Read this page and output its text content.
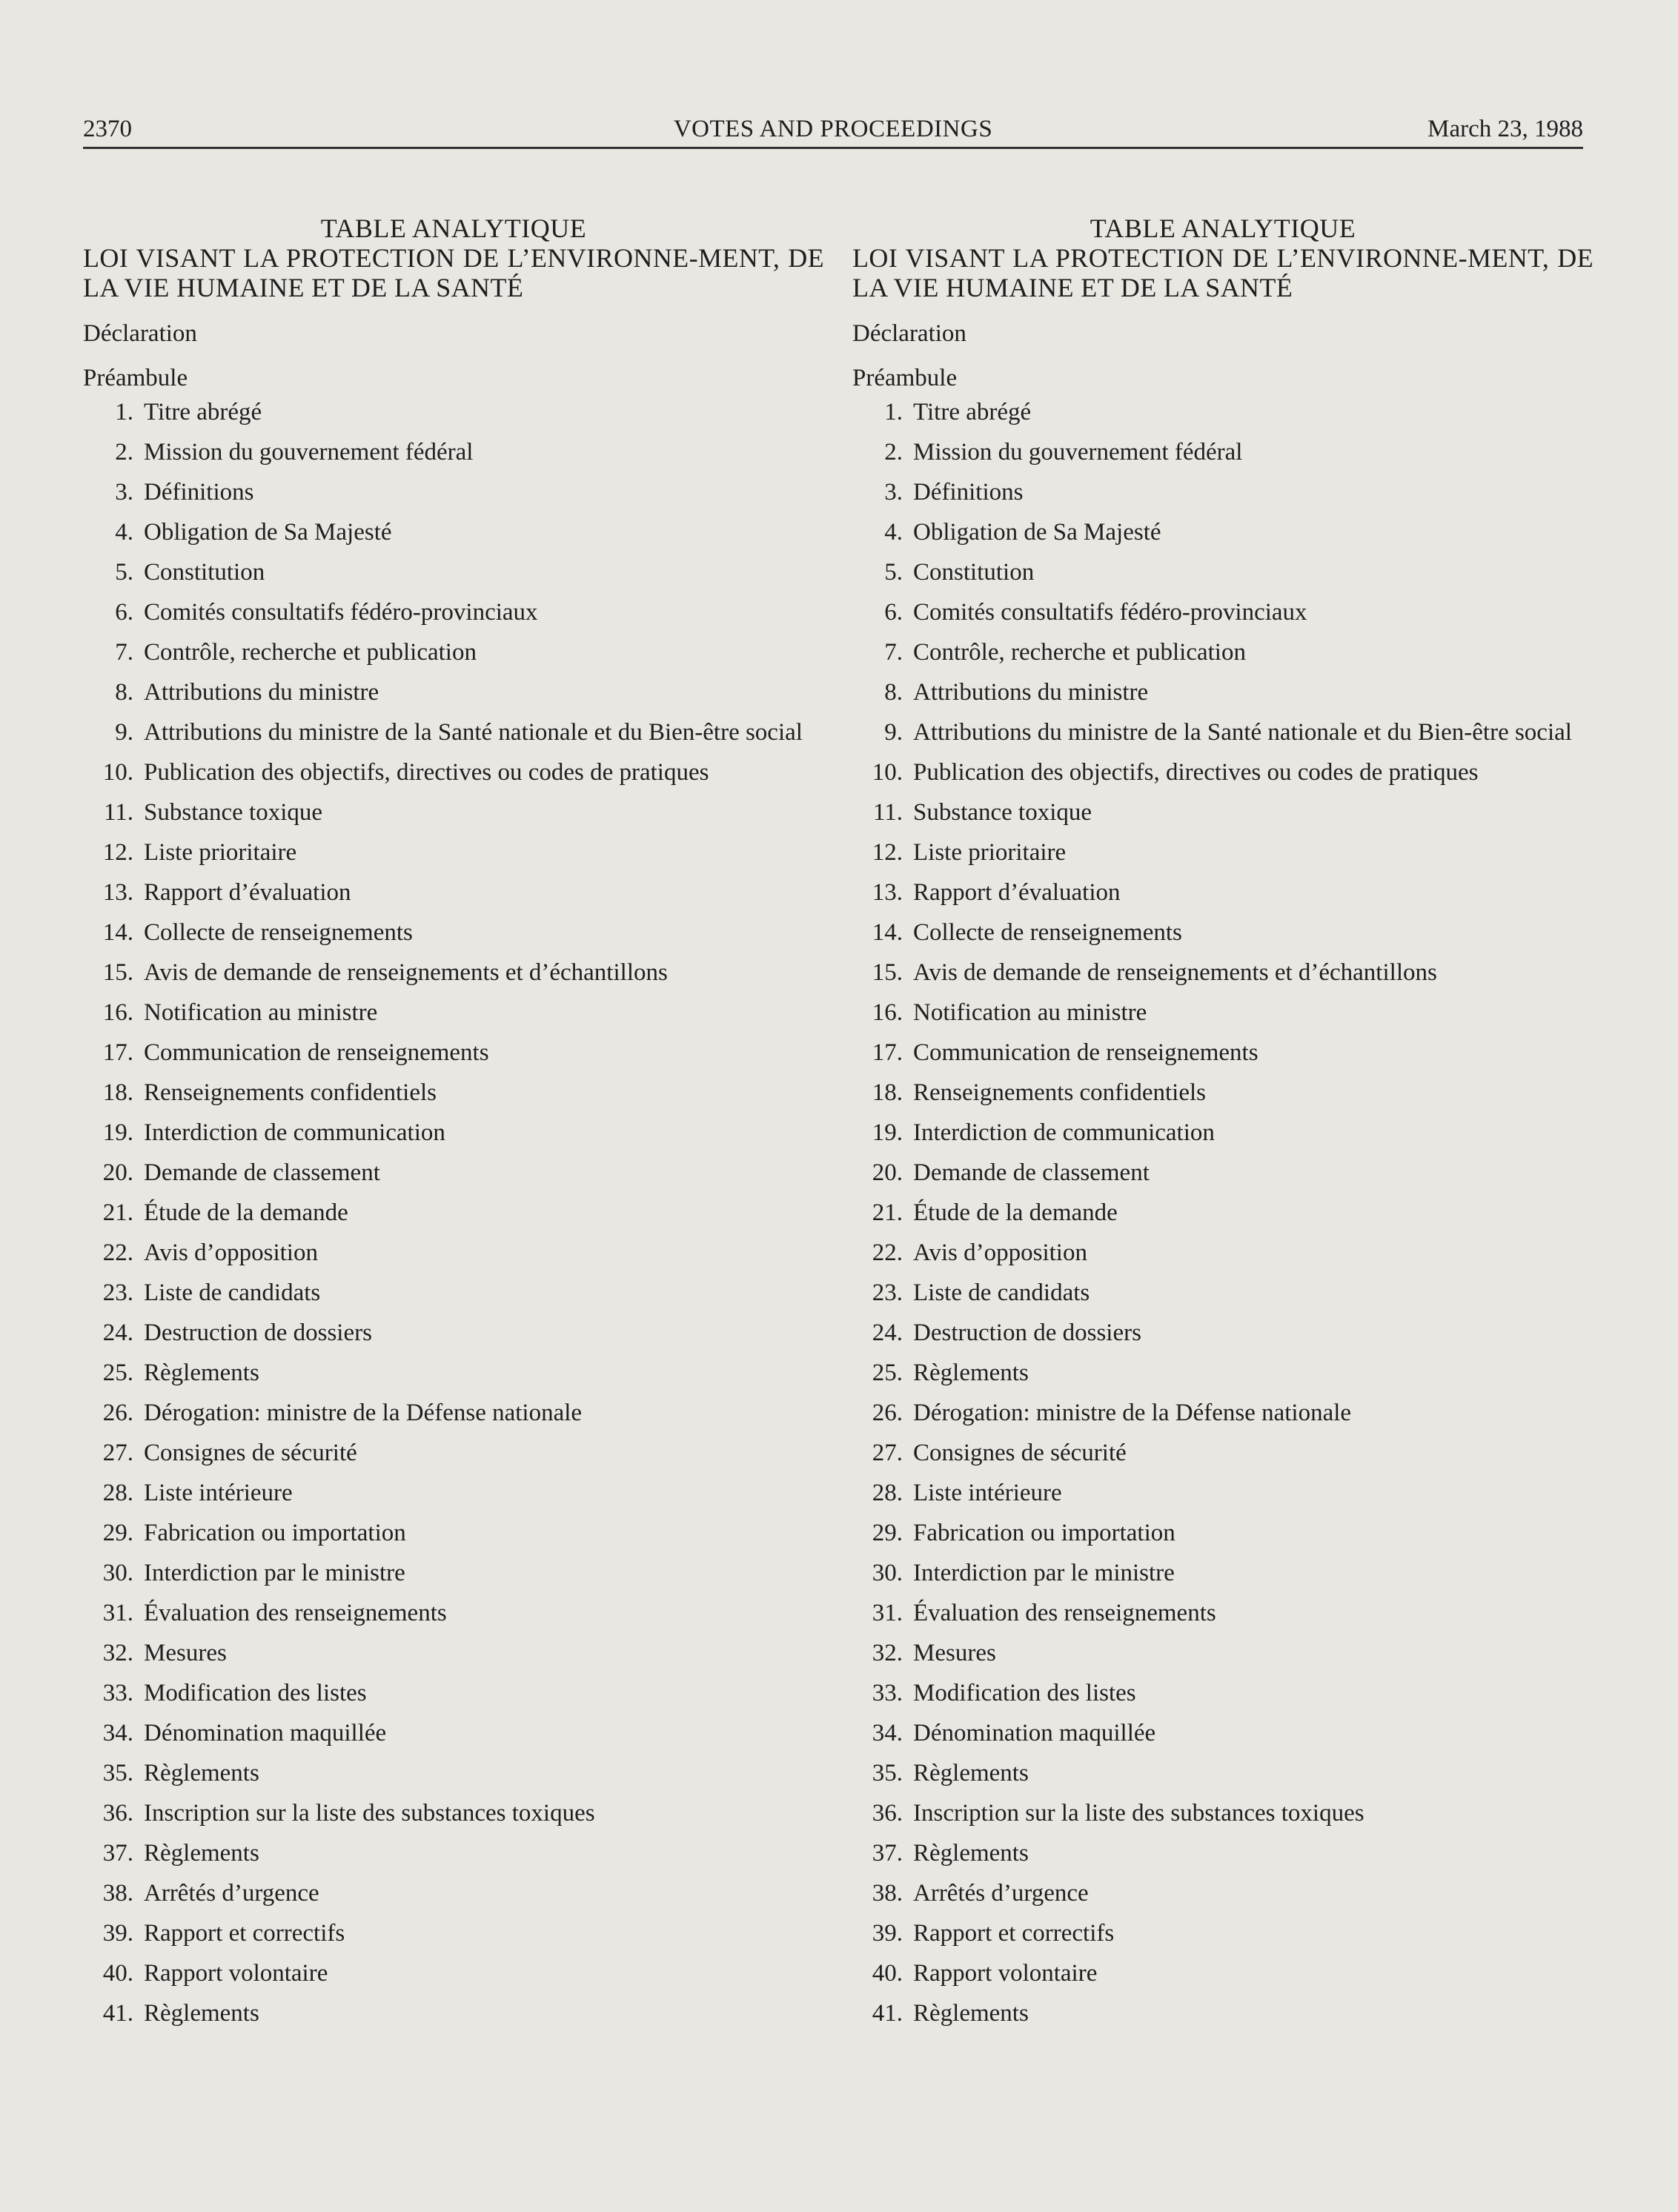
2370	VOTES AND PROCEEDINGS	March 23, 1988
TABLE ANALYTIQUE
LOI VISANT LA PROTECTION DE L’ENVIRONNE-MENT, DE LA VIE HUMAINE ET DE LA SANTÉ
Déclaration
Préambule
1. Titre abrégé
2. Mission du gouvernement fédéral
3. Définitions
4. Obligation de Sa Majesté
5. Constitution
6. Comités consultatifs fédéro-provinciaux
7. Contrôle, recherche et publication
8. Attributions du ministre
9. Attributions du ministre de la Santé nationale et du Bien-être social
10. Publication des objectifs, directives ou codes de pratiques
11. Substance toxique
12. Liste prioritaire
13. Rapport d’évaluation
14. Collecte de renseignements
15. Avis de demande de renseignements et d’échantillons
16. Notification au ministre
17. Communication de renseignements
18. Renseignements confidentiels
19. Interdiction de communication
20. Demande de classement
21. Étude de la demande
22. Avis d’opposition
23. Liste de candidats
24. Destruction de dossiers
25. Règlements
26. Dérogation: ministre de la Défense nationale
27. Consignes de sécurité
28. Liste intérieure
29. Fabrication ou importation
30. Interdiction par le ministre
31. Évaluation des renseignements
32. Mesures
33. Modification des listes
34. Dénomination maquillée
35. Règlements
36. Inscription sur la liste des substances toxiques
37. Règlements
38. Arrêtés d’urgence
39. Rapport et correctifs
40. Rapport volontaire
41. Règlements
TABLE ANALYTIQUE
LOI VISANT LA PROTECTION DE L’ENVIRONNE-MENT, DE LA VIE HUMAINE ET DE LA SANTÉ
Déclaration
Préambule
1. Titre abrégé
2. Mission du gouvernement fédéral
3. Définitions
4. Obligation de Sa Majesté
5. Constitution
6. Comités consultatifs fédéro-provinciaux
7. Contrôle, recherche et publication
8. Attributions du ministre
9. Attributions du ministre de la Santé nationale et du Bien-être social
10. Publication des objectifs, directives ou codes de pratiques
11. Substance toxique
12. Liste prioritaire
13. Rapport d’évaluation
14. Collecte de renseignements
15. Avis de demande de renseignements et d’échantillons
16. Notification au ministre
17. Communication de renseignements
18. Renseignements confidentiels
19. Interdiction de communication
20. Demande de classement
21. Étude de la demande
22. Avis d’opposition
23. Liste de candidats
24. Destruction de dossiers
25. Règlements
26. Dérogation: ministre de la Défense nationale
27. Consignes de sécurité
28. Liste intérieure
29. Fabrication ou importation
30. Interdiction par le ministre
31. Évaluation des renseignements
32. Mesures
33. Modification des listes
34. Dénomination maquillée
35. Règlements
36. Inscription sur la liste des substances toxiques
37. Règlements
38. Arrêtés d’urgence
39. Rapport et correctifs
40. Rapport volontaire
41. Règlements
